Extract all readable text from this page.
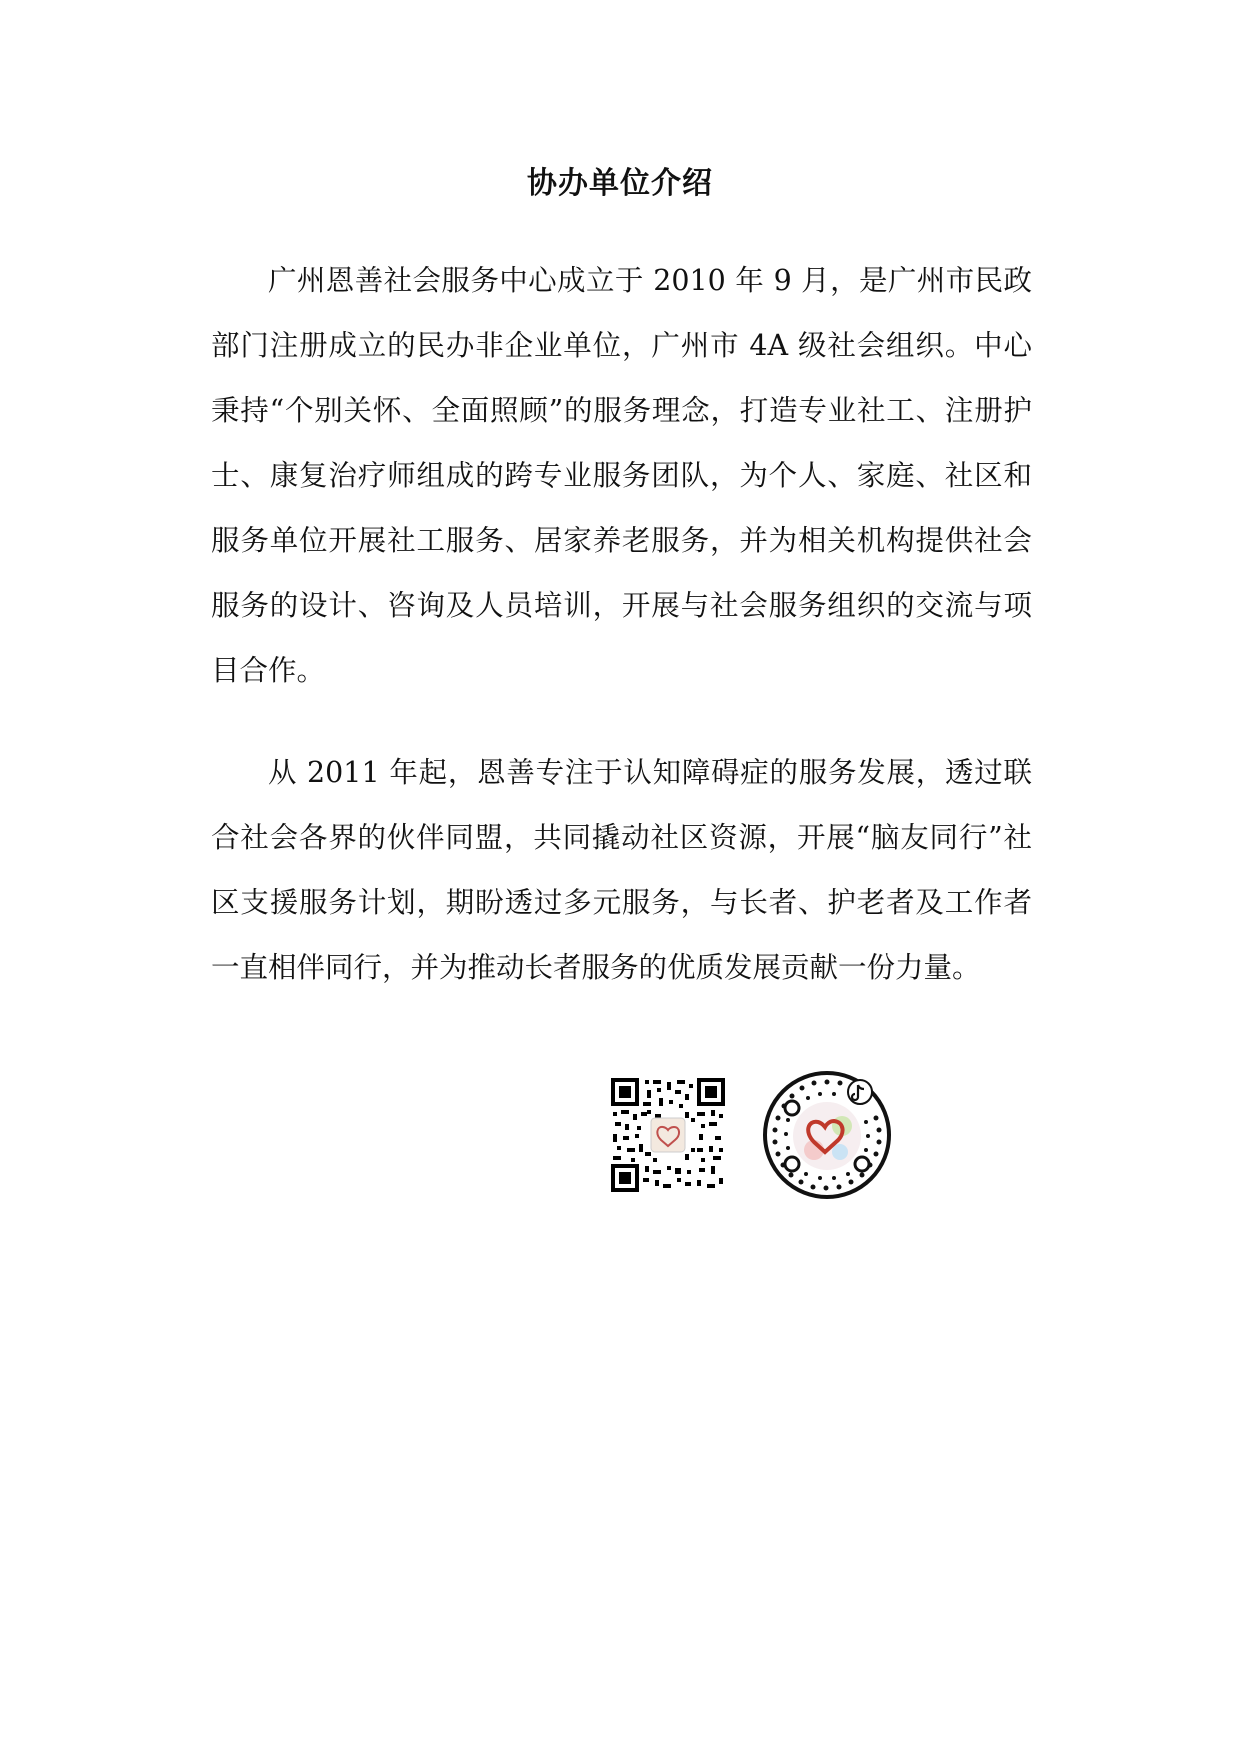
协办单位介绍

广州恩善社会服务中心成立于 2010 年 9 月，是广州市民政部门注册成立的民办非企业单位，广州市 4A 级社会组织。中心秉持“个别关怀、全面照顾”的服务理念，打造专业社工、注册护士、康复治疗师组成的跨专业服务团队，为个人、家庭、社区和服务单位开展社工服务、居家养老服务，并为相关机构提供社会服务的设计、咨询及人员培训，开展与社会服务组织的交流与项目合作。

从 2011 年起，恩善专注于认知障碍症的服务发展，透过联合社会各界的伙伴同盟，共同撬动社区资源，开展“脑友同行”社区支援服务计划，期盼透过多元服务，与长者、护老者及工作者一直相伴同行，并为推动长者服务的优质发展贡献一份力量。
